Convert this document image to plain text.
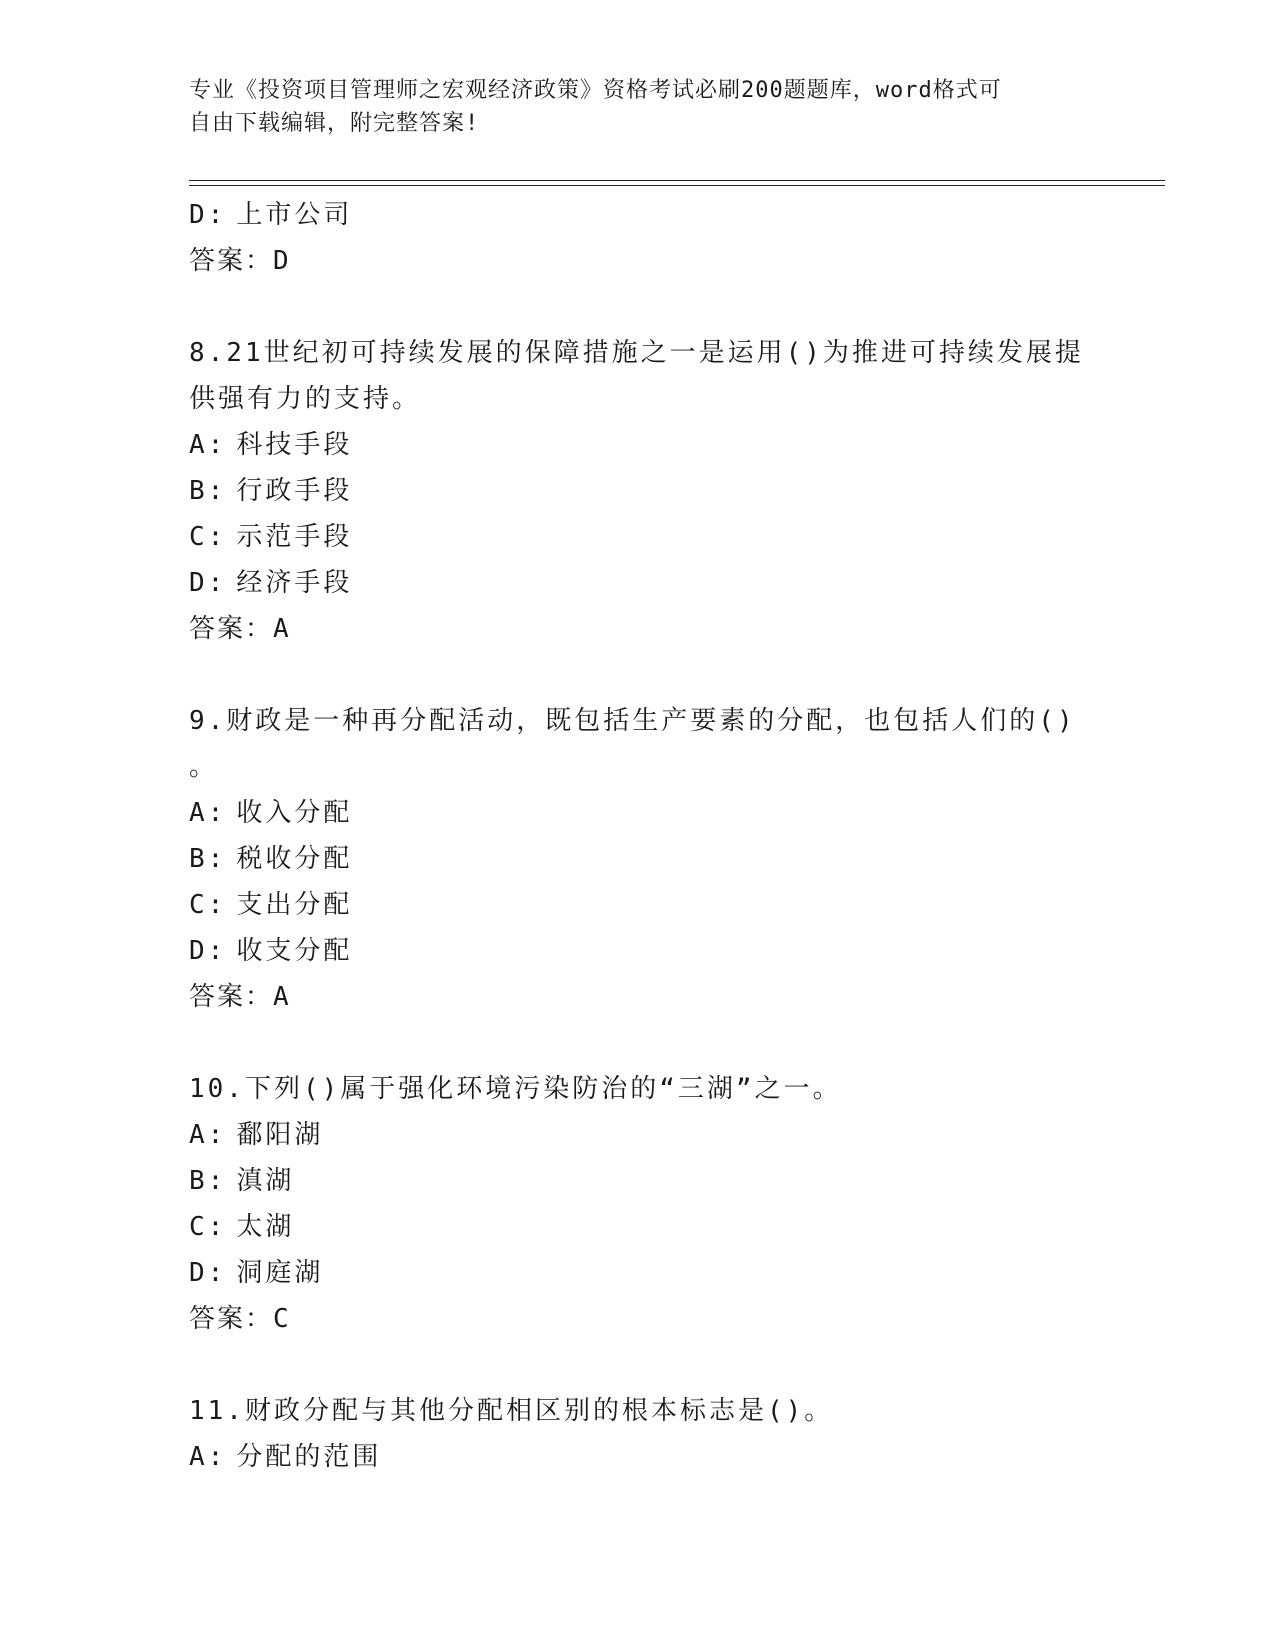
专业《投资项目管理师之宏观经济政策》资格考试必刷200题题库，word格式可
自由下载编辑，附完整答案!
D: 上市公司
答案：D
8.21世纪初可持续发展的保障措施之一是运用()为推进可持续发展提
供强有力的支持。
A: 科技手段
B: 行政手段
C: 示范手段
D: 经济手段
答案：A
9.财政是一种再分配活动，既包括生产要素的分配，也包括人们的()
。
A: 收入分配
B: 税收分配
C: 支出分配
D: 收支分配
答案：A
10.下列()属于强化环境污染防治的“三湖”之一。
A: 鄱阳湖
B: 滇湖
C: 太湖
D: 洞庭湖
答案：C
11.财政分配与其他分配相区别的根本标志是()。
A: 分配的范围
